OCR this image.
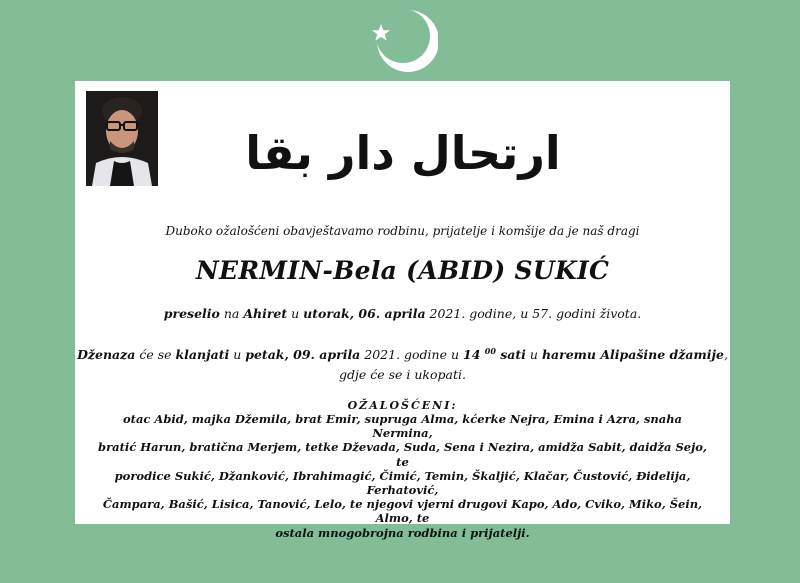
ارتحال دار بقا
Duboko ožalošćeni obavještavamo rodbinu, prijatelje i komšije da je naš dragi
NERMIN-Bela (ABID) SUKIĆ
preselio na Ahiret u utorak, 06. aprila 2021. godine, u 57. godini života.
Dženaza će se klanjati u petak, 09. aprila 2021. godine u 14 $^{00}$ sati u haremu Alipašine džamije,
gdje će se i ukopati.
OŽALOŠĆENI:
otac Abid, majka Džemila, brat Emir, supruga Alma, kćerke Nejra, Emina i Azra, snaha Nermina,
bratić Harun, bratična Merjem, tetke Dževada, Suda, Sena i Nezira, amidža Sabit, daidža Sejo, te
porodice Sukić, Džanković, Ibrahimagić, Čimić, Temin, Škaljić, Klačar, Čustović, Đidelija, Ferhatović,
Čampara, Bašić, Lisica, Tanović, Lelo, te njegovi vjerni drugovi Kapo, Ado, Cviko, Miko, Šein, Almo, te
ostala mnogobrojna rodbina i prijatelji.
